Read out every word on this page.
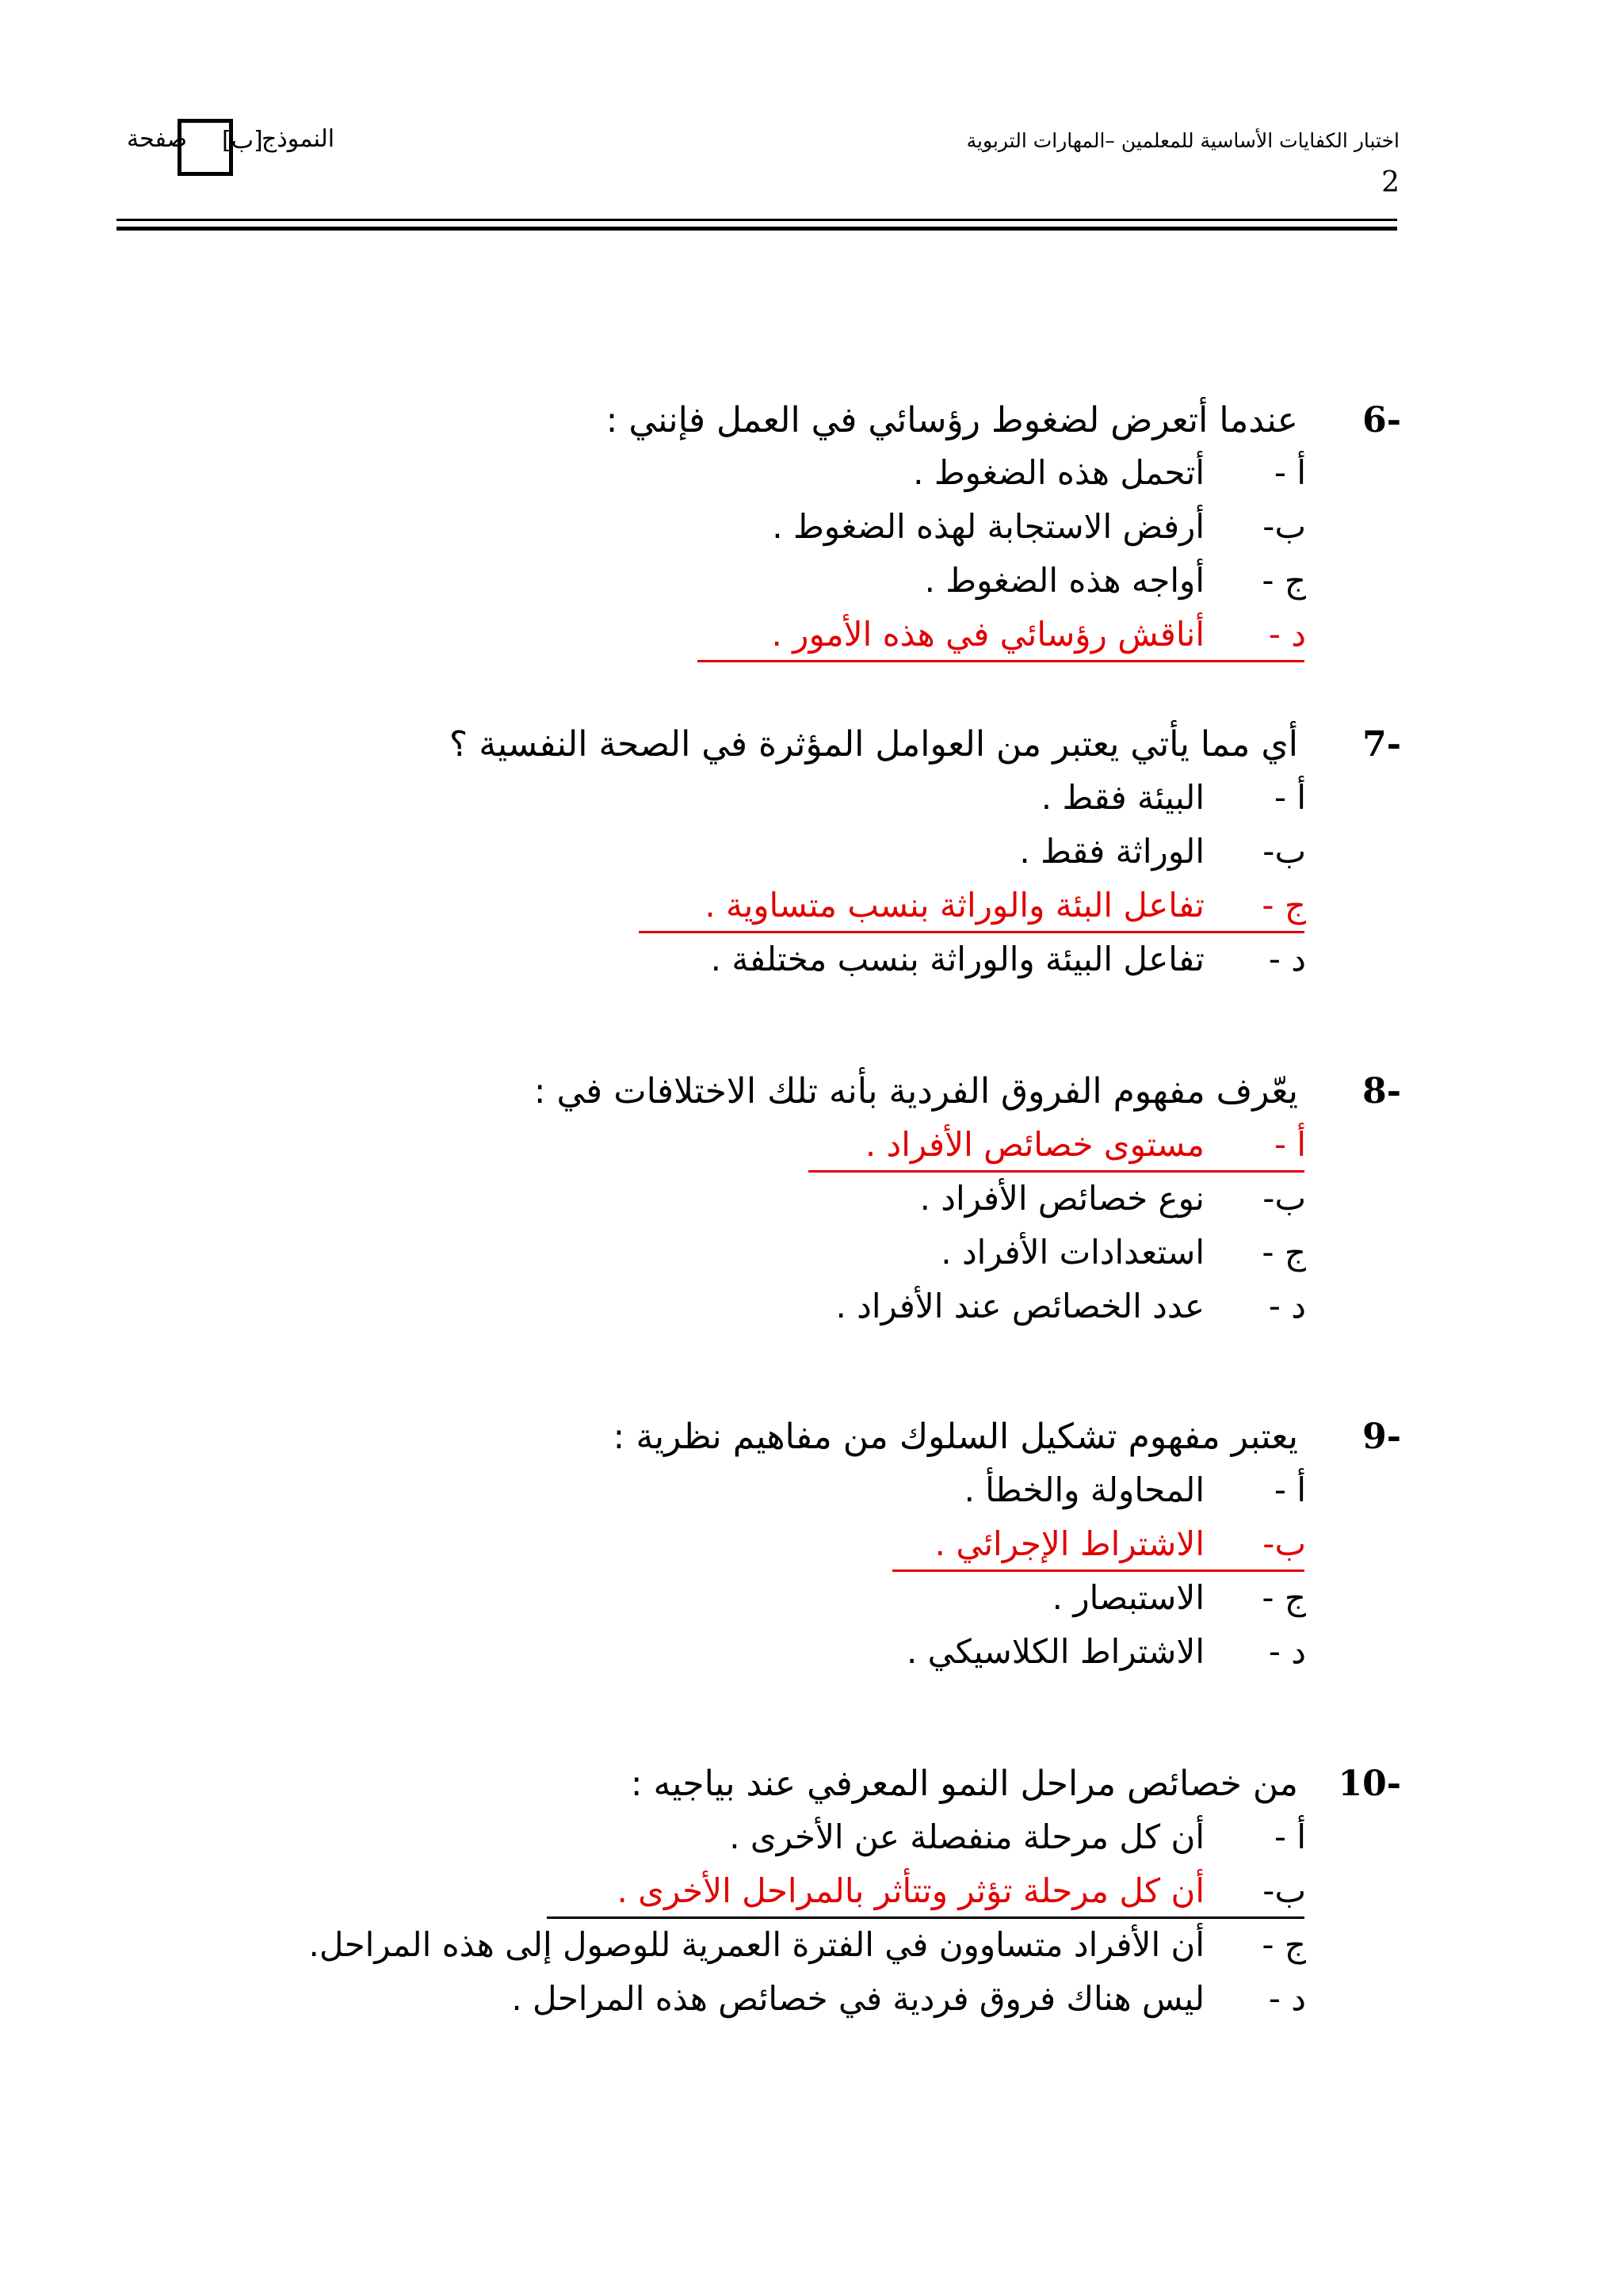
اختبار الكفايات الأساسية للمعلمين –المهارات التربوية
2
النموذج
[ب]
صفحة
6-
عندما أتعرض لضغوط رؤسائي في العمل فإنني :
أ -
أتحمل هذه الضغوط .
ب-
أرفض الاستجابة لهذه الضغوط .
ج -
أواجه هذه الضغوط .
د -
أناقش رؤسائي في هذه الأمور .
7-
أي مما يأتي يعتبر من العوامل المؤثرة في الصحة النفسية ؟
أ -
البيئة فقط .
ب-
الوراثة فقط .
ج -
تفاعل البئة والوراثة بنسب متساوية .
د -
تفاعل البيئة والوراثة بنسب مختلفة .
8-
يعّرف مفهوم الفروق الفردية بأنه تلك الاختلافات في :
أ -
مستوى خصائص الأفراد .
ب-
نوع خصائص الأفراد .
ج -
استعدادات الأفراد .
د -
عدد الخصائص عند الأفراد .
9-
يعتبر مفهوم تشكيل السلوك من مفاهيم نظرية :
أ -
المحاولة والخطأ .
ب-
الاشتراط الإجرائي .
ج -
الاستبصار .
د -
الاشتراط الكلاسيكي .
10-
من خصائص مراحل النمو المعرفي عند بياجيه :
أ -
أن كل مرحلة منفصلة عن الأخرى .
ب-
أن كل مرحلة تؤثر وتتأثر بالمراحل الأخرى .
ج -
أن الأفراد متساوون في الفترة العمرية للوصول إلى هذه المراحل.
د -
ليس هناك فروق فردية في خصائص هذه المراحل .
